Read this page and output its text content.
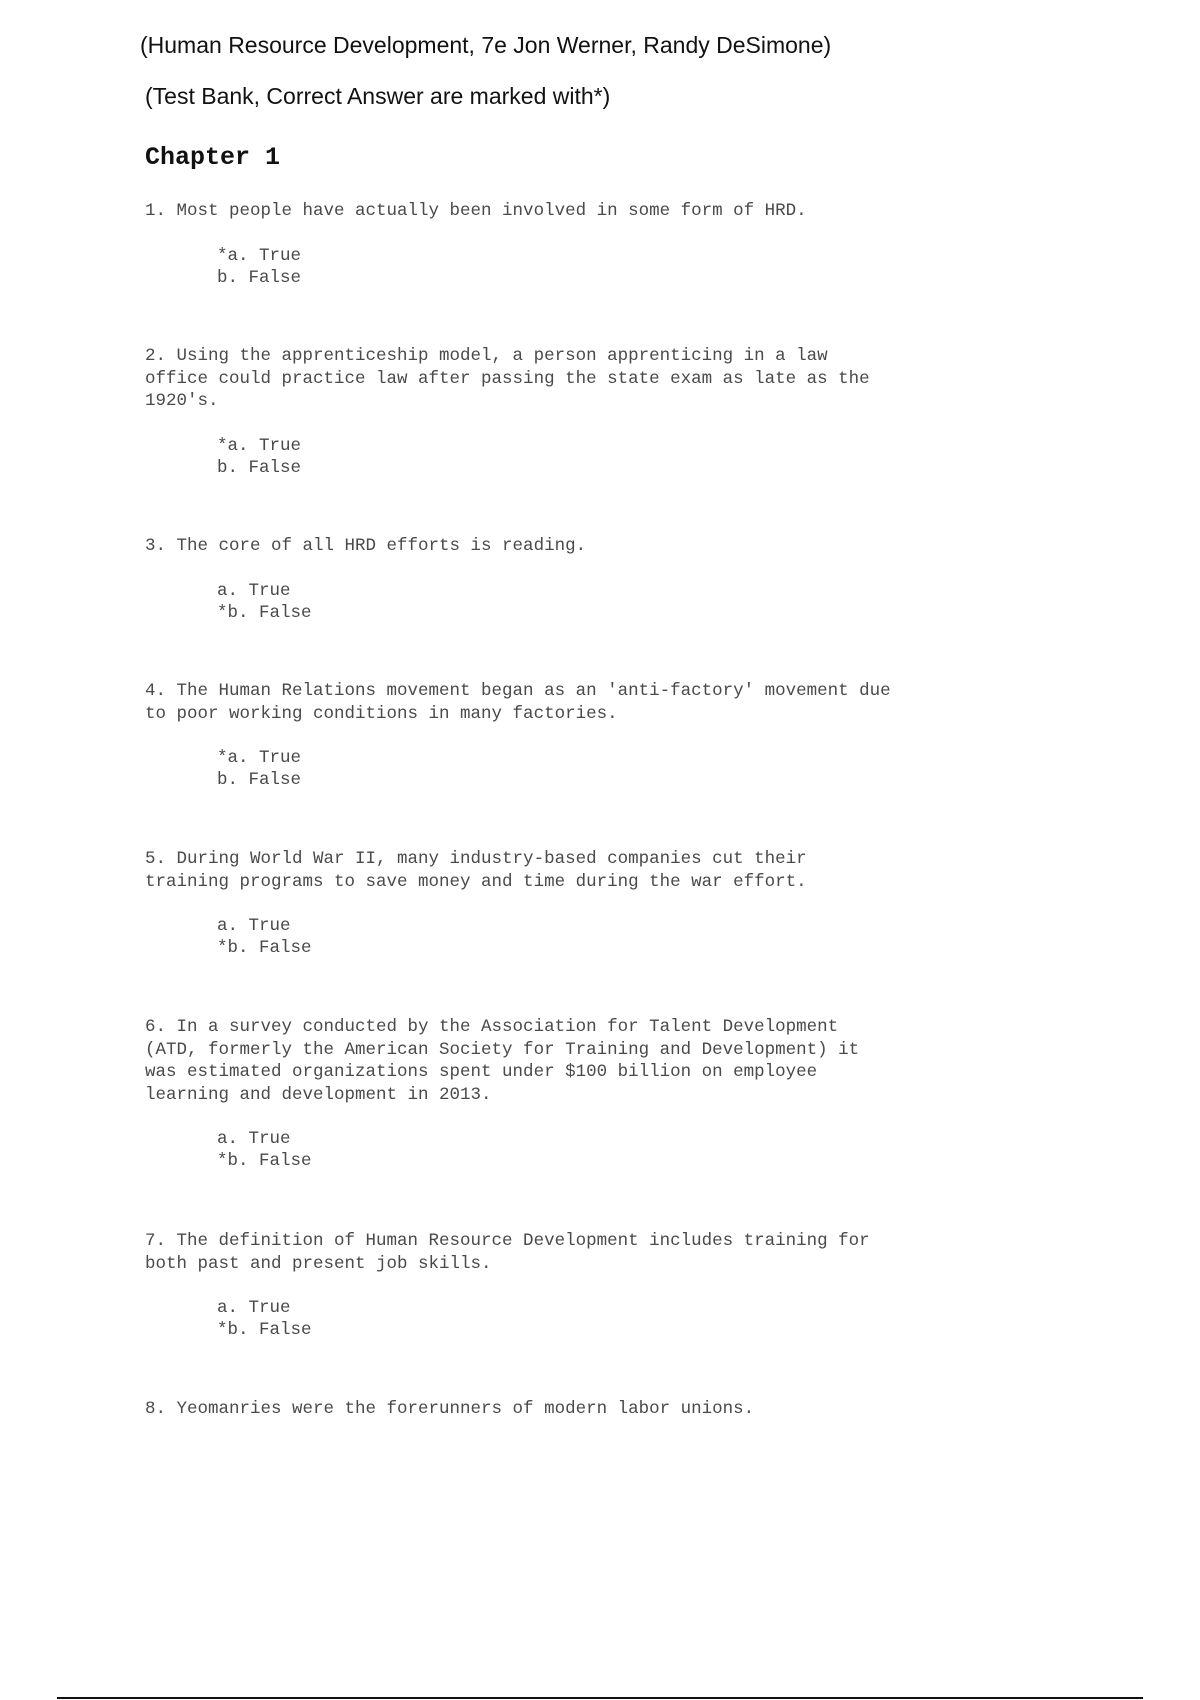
(Human Resource Development, 7e Jon Werner, Randy DeSimone)
(Test Bank, Correct Answer are marked with*)
Chapter 1
1. Most people have actually been involved in some form of HRD.
*a. True
b. False
2. Using the apprenticeship model, a person apprenticing in a law
office could practice law after passing the state exam as late as the
1920's.
*a. True
b. False
3. The core of all HRD efforts is reading.
a. True
*b. False
4. The Human Relations movement began as an 'anti-factory' movement due
to poor working conditions in many factories.
*a. True
b. False
5. During World War II, many industry-based companies cut their
training programs to save money and time during the war effort.
a. True
*b. False
6. In a survey conducted by the Association for Talent Development
(ATD, formerly the American Society for Training and Development) it
was estimated organizations spent under $100 billion on employee
learning and development in 2013.
a. True
*b. False
7. The definition of Human Resource Development includes training for
both past and present job skills.
a. True
*b. False
8. Yeomanries were the forerunners of modern labor unions.
